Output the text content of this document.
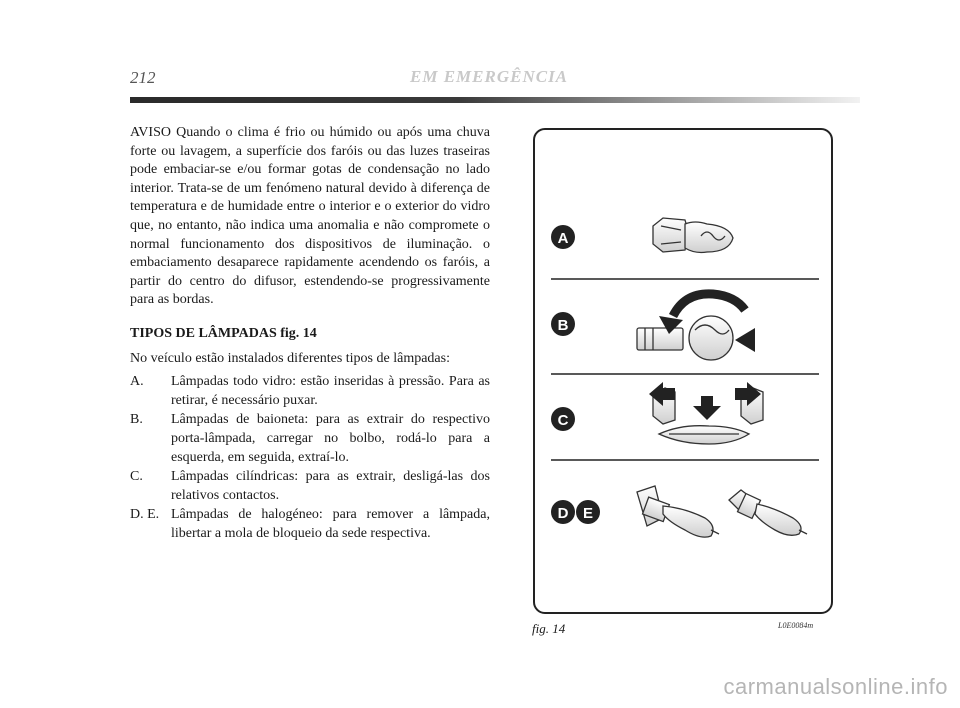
212	EM EMERGÊNCIA

AVISO Quando o clima é frio ou húmido ou após uma chuva forte ou lavagem, a superfície dos faróis ou das luzes traseiras pode embaciar-se e/ou formar gotas de condensação no lado interior. Trata-se de um fenómeno natural devido à diferença de temperatura e de humidade entre o interior e o exterior do vidro que, no entanto, não indica uma anomalia e não compromete o normal funcionamento dos dispositivos de iluminação. o embaciamento desaparece rapidamente acendendo os faróis, a partir do centro do difusor, estendendo-se progressivamente para as bordas.

TIPOS DE LÂMPADAS fig. 14

No veículo estão instalados diferentes tipos de lâmpadas:

A.	Lâmpadas todo vidro: estão inseridas à pressão. Para as retirar, é necessário puxar.
B.	Lâmpadas de baioneta: para as extrair do respectivo porta-lâmpada, carregar no bolbo, rodá-lo para a esquerda, em seguida, extraí-lo.
C.	Lâmpadas cilíndricas: para as extrair, desligá-las dos relativos contactos.
D. E. Lâmpadas de halogéneo: para remover a lâmpada, libertar a mola de bloqueio da sede respectiva.
A
B
C
D E
fig. 14	L0E0084m
carmanualsonline.info
